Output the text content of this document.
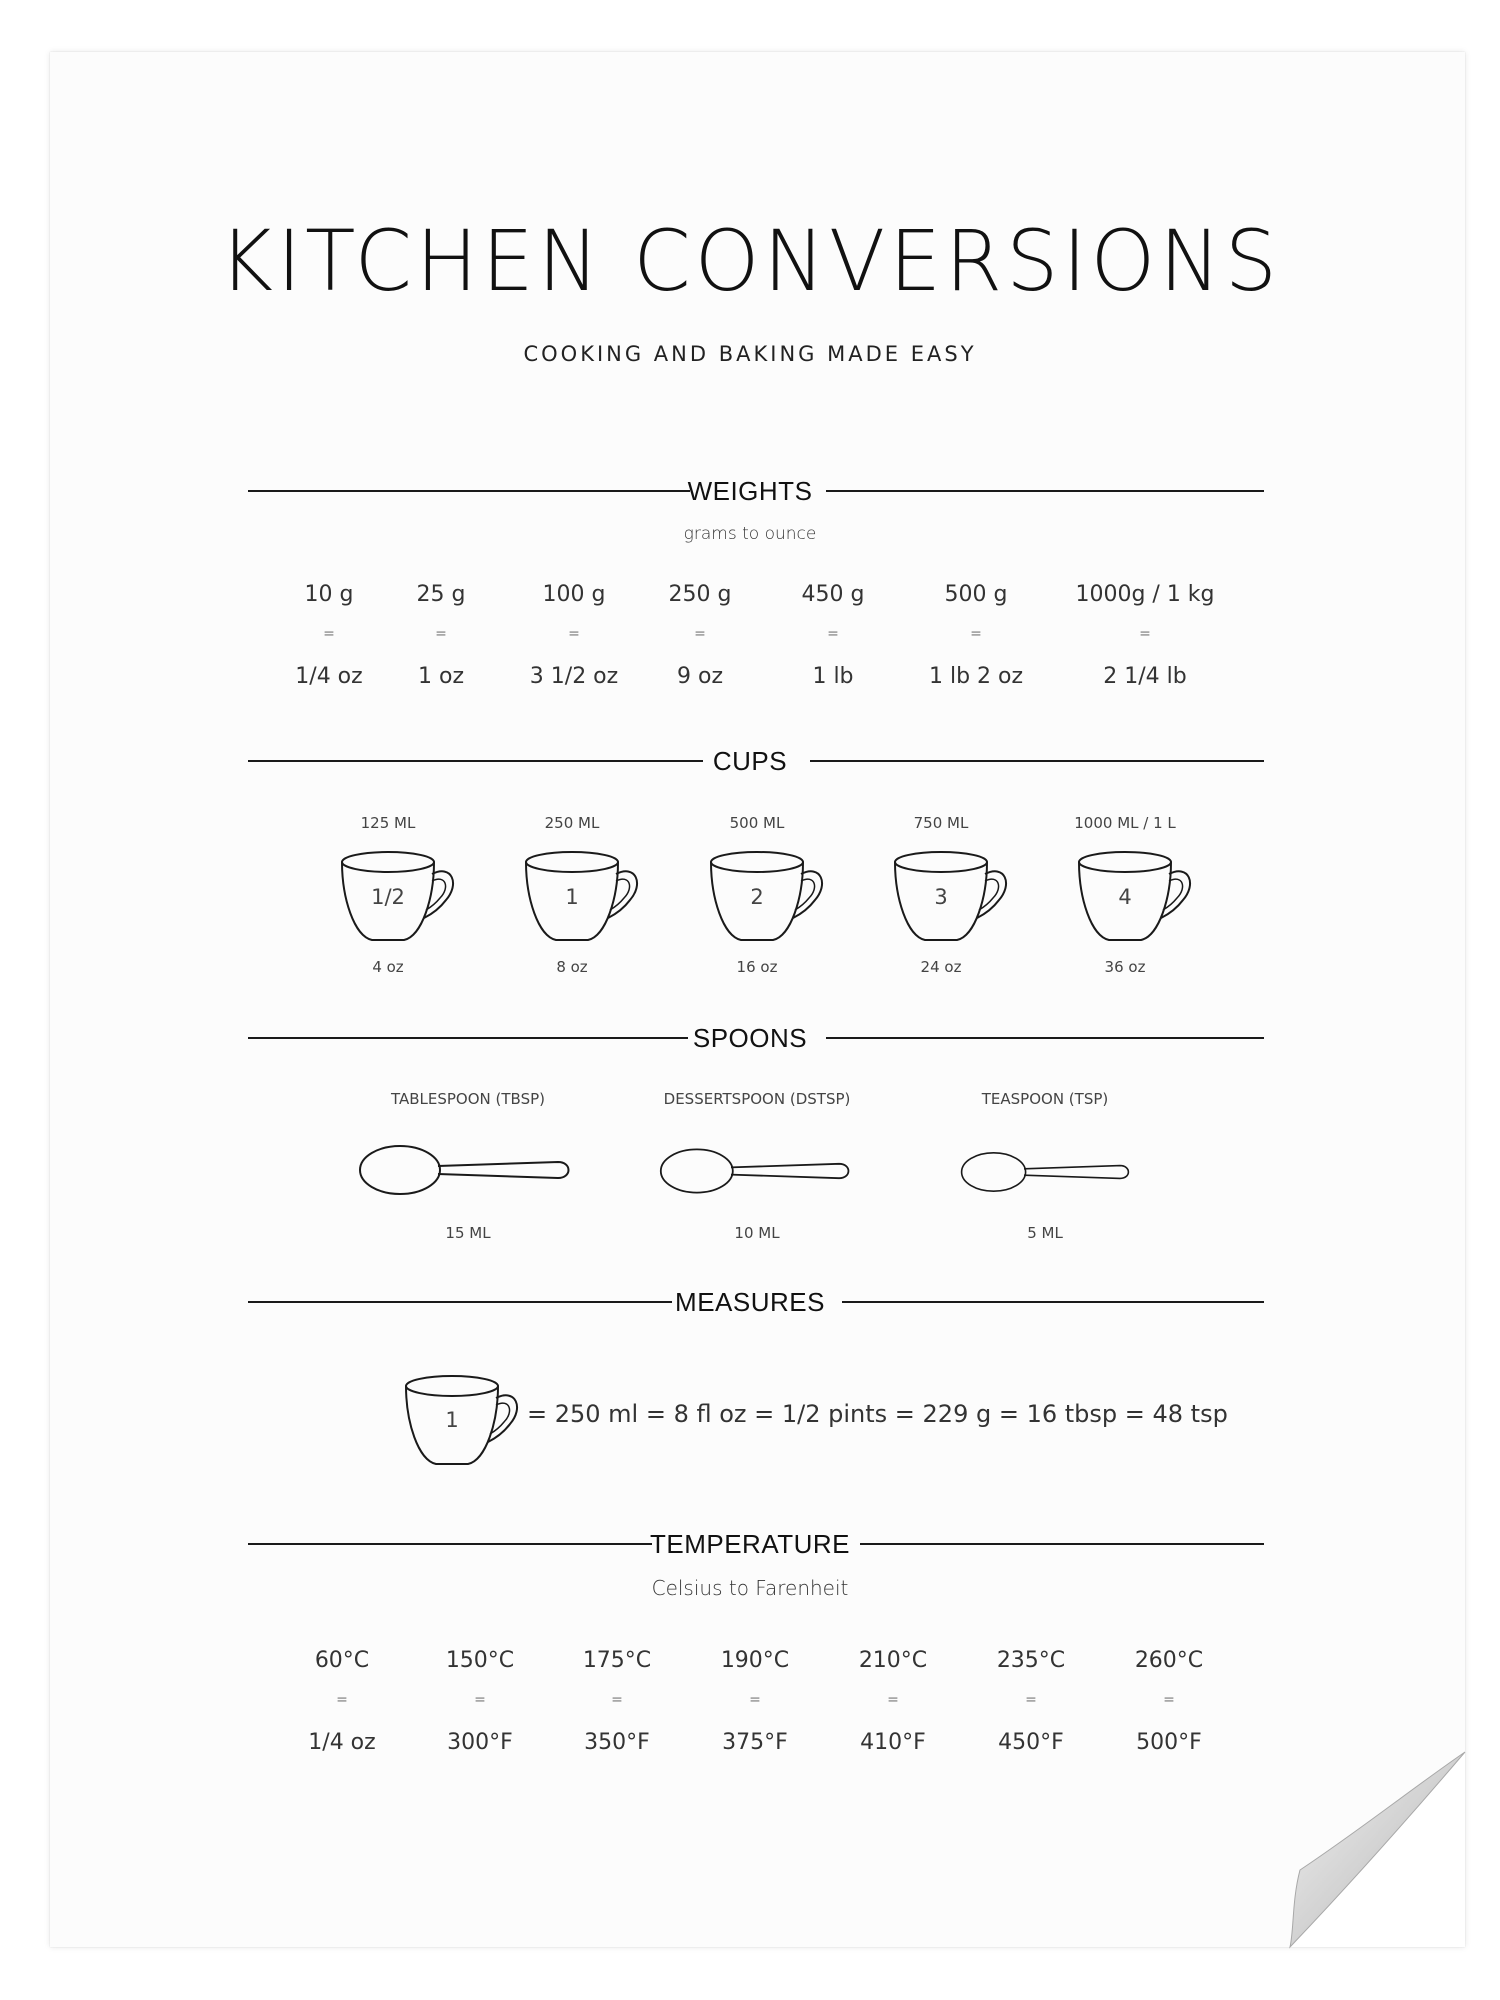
KITCHEN CONVERSIONS
COOKING AND BAKING MADE EASY
WEIGHTS
grams to ounce
10 g	25 g	100 g	250 g	450 g	500 g	1000g / 1 kg
=	=	=	=	=	=	=
1/4 oz	1 oz	3 1/2 oz	9 oz	1 lb	1 lb 2 oz	2 1/4 lb
CUPS
125 ML	250 ML	500 ML	750 ML	1000 ML / 1 L
1/2	1	2	3	4
4 oz	8 oz	16 oz	24 oz	36 oz
SPOONS
TABLESPOON (TBSP)	DESSERTSPOON (DSTSP)	TEASPOON (TSP)
15 ML	10 ML	5 ML
MEASURES
1	= 250 ml = 8 fl oz = 1/2 pints = 229 g = 16 tbsp = 48 tsp
TEMPERATURE
Celsius to Farenheit
60°C	150°C	175°C	190°C	210°C	235°C	260°C
=	=	=	=	=	=	=
1/4 oz	300°F	350°F	375°F	410°F	450°F	500°F
